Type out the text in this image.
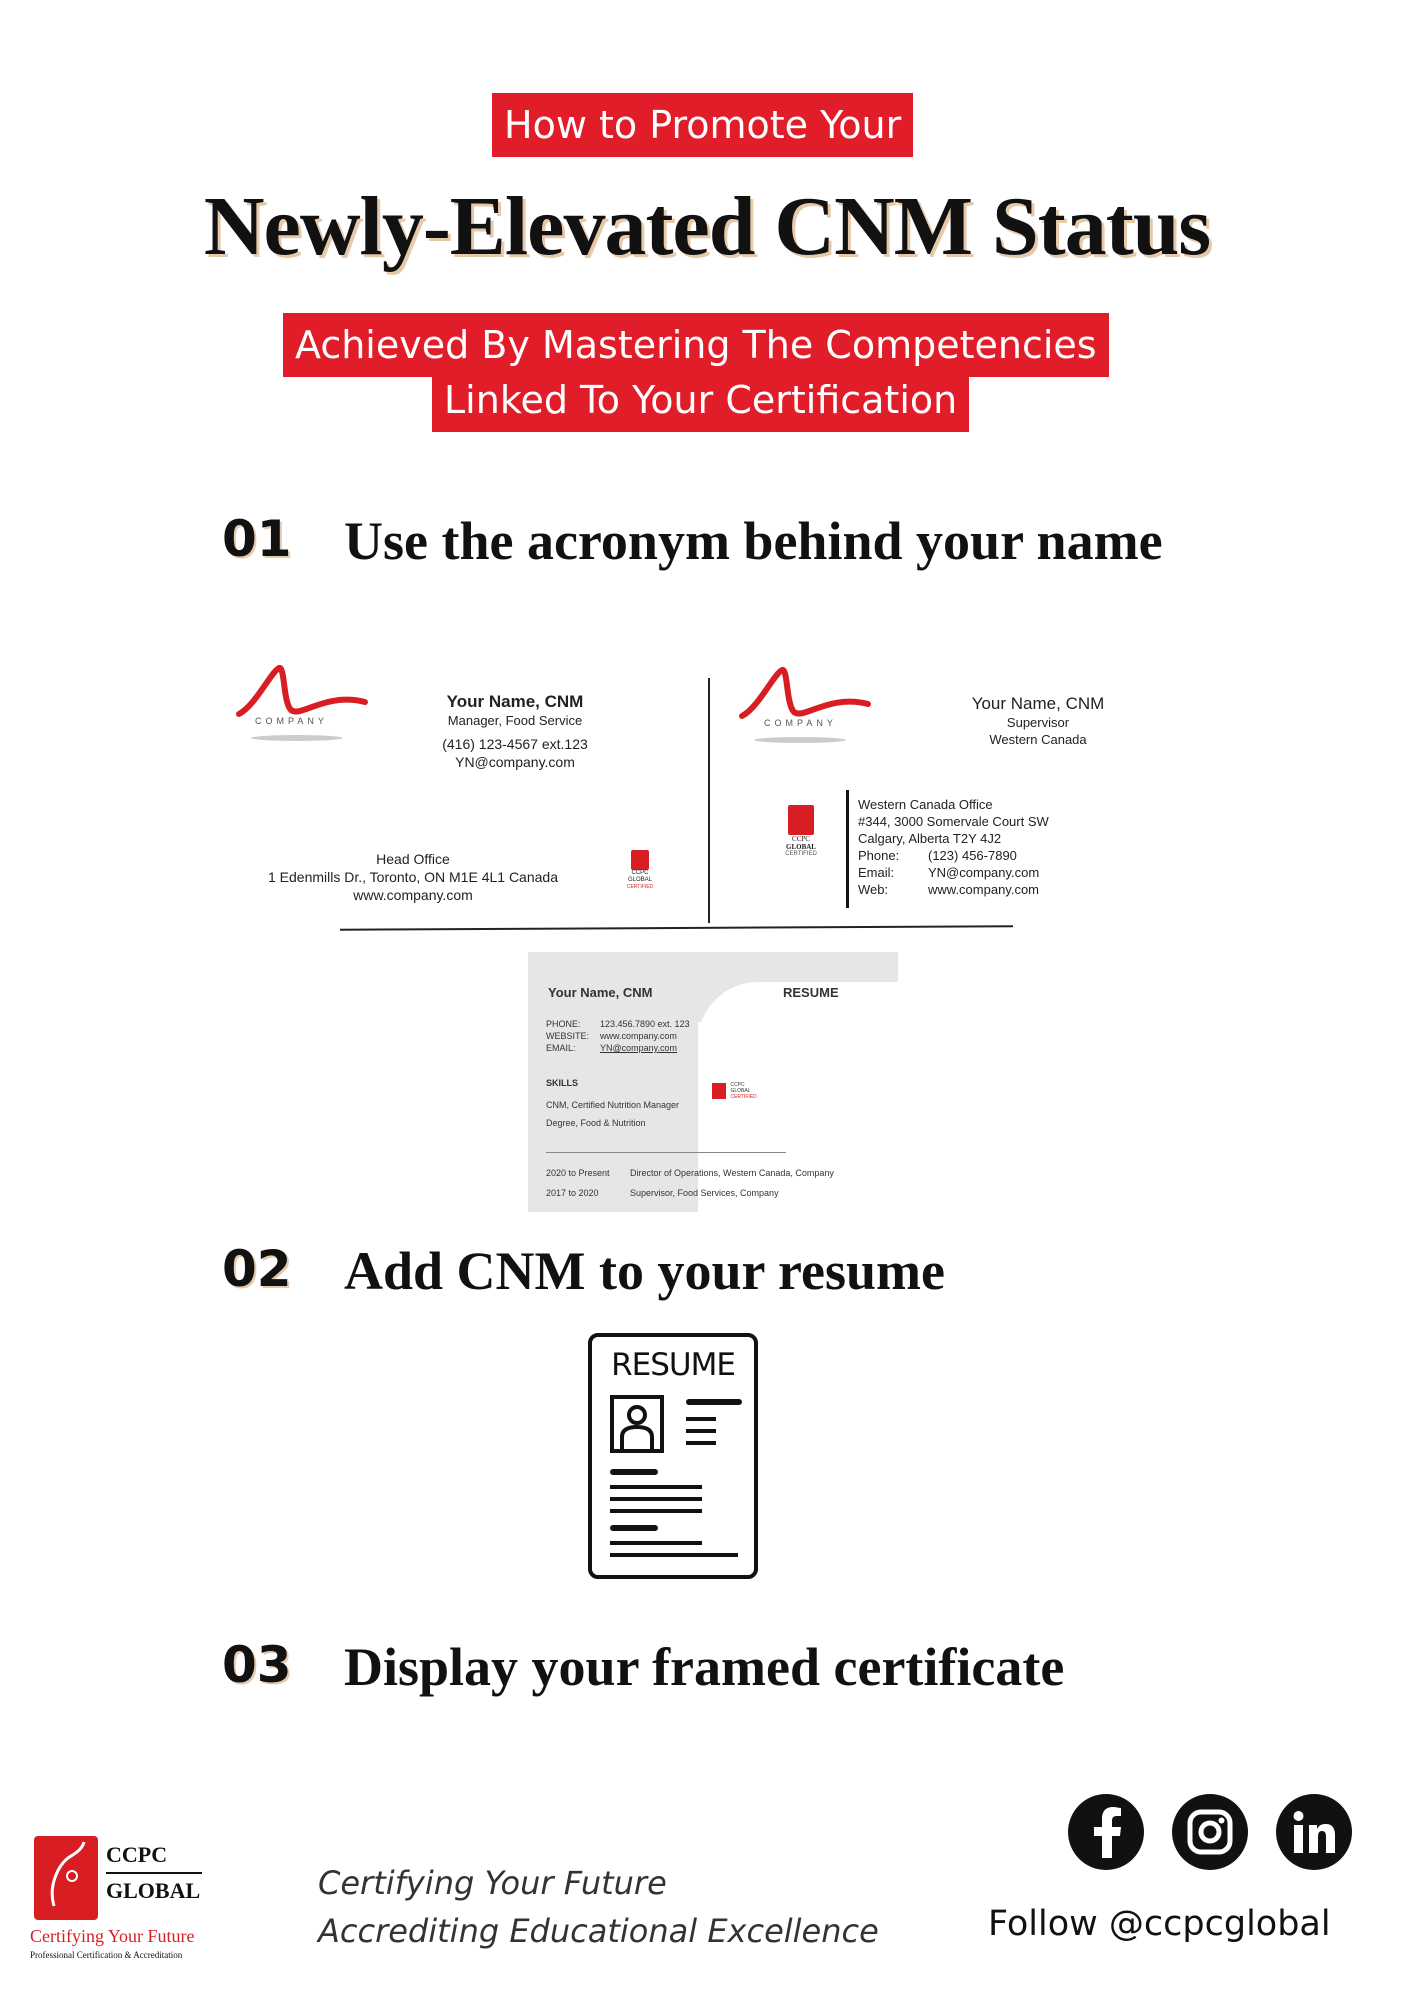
How to Promote Your
Newly-Elevated CNM Status
Achieved By Mastering The Competencies
Linked To Your Certification
01 Use the acronym behind your name
COMPANY
Your Name, CNM
Manager, Food Service
(416) 123-4567 ext.123
YN@company.com
Head Office
1 Edenmills Dr., Toronto, ON M1E 4L1 Canada
www.company.com
CCPC
GLOBAL
CERTIFIED
COMPANY
Your Name, CNM
Supervisor
Western Canada
CCPC
GLOBAL
CERTIFIED
Western Canada Office
#344, 3000 Somervale Court SW
Calgary, Alberta T2Y 4J2
Phone: (123) 456-7890
Email:	YN@company.com
Web:	www.company.com
Your Name, CNM	RESUME
PHONE: 123.456.7890 ext. 123
WEBSITE: www.company.com
EMAIL:	YN@company.com
SKILLS
CNM, Certified Nutrition Manager
Degree, Food & Nutrition
CCPC
GLOBAL
CERTIFIED
2020 to Present Director of Operations, Western Canada, Company
2017 to 2020	Supervisor, Food Services, Company
02 Add CNM to your resume
RESUME
03 Display your framed certificate
CCPC
GLOBAL
Certifying Your Future
Professional Certification & Accreditation
Certifying Your Future
Accrediting Educational Excellence	Follow @ccpcglobal
